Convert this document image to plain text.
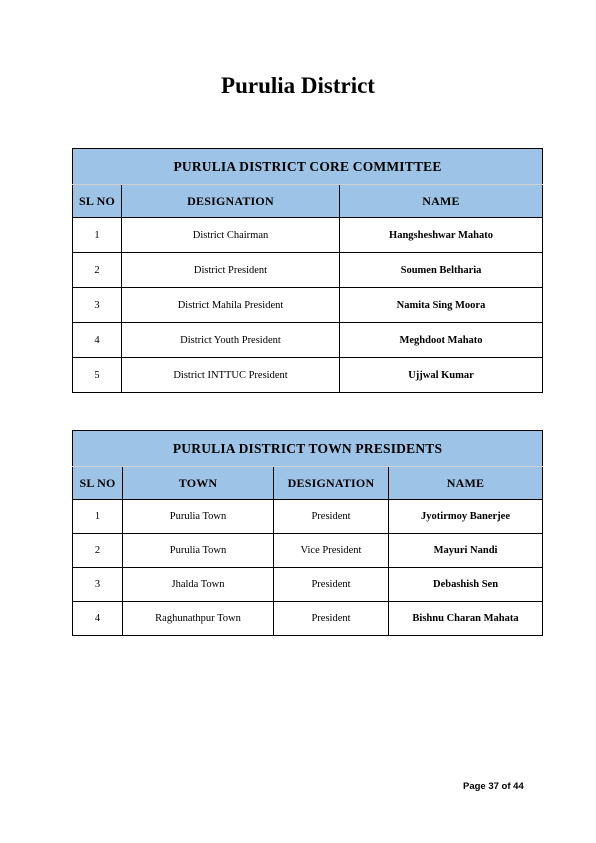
Purulia District
PURULIA DISTRICT CORE COMMITTEE		
SL NO	DESIGNATION	NAME
1	District Chairman	Hangsheshwar Mahato
2	District President	Soumen Beltharia
3	District Mahila President	Namita Sing Moora
4	District Youth President	Meghdoot Mahato
5	District INTTUC President	Ujjwal Kumar
PURULIA DISTRICT TOWN PRESIDENTS			
SL NO	TOWN	DESIGNATION	NAME
1	Purulia Town	President	Jyotirmoy Banerjee
2	Purulia Town	Vice President	Mayuri Nandi
3	Jhalda Town	President	Debashish Sen
4	Raghunathpur Town	President	Bishnu Charan Mahata
Page 37 of 44
